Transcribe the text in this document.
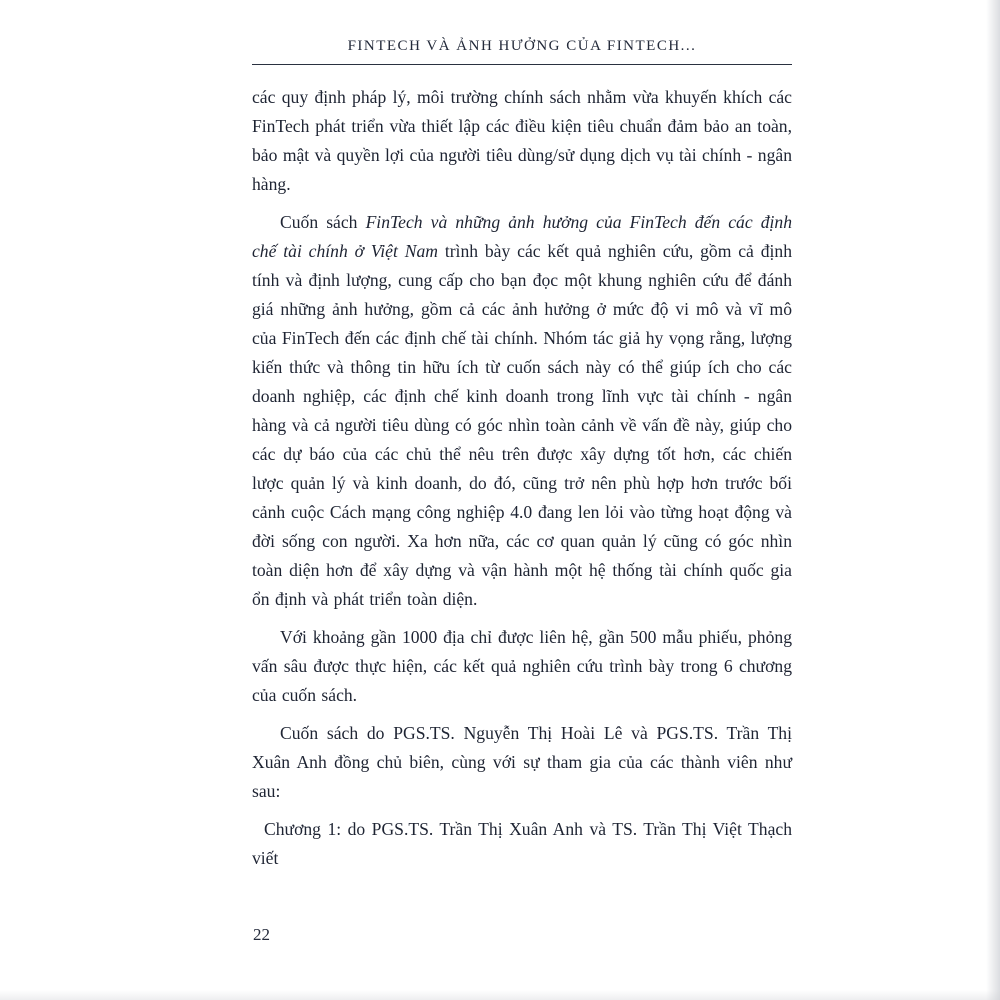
FINTECH VÀ ẢNH HƯỞNG CỦA FINTECH...

các quy định pháp lý, môi trường chính sách nhằm vừa khuyến khích các FinTech phát triển vừa thiết lập các điều kiện tiêu chuẩn đảm bảo an toàn, bảo mật và quyền lợi của người tiêu dùng/sử dụng dịch vụ tài chính - ngân hàng.

Cuốn sách FinTech và những ảnh hưởng của FinTech đến các định chế tài chính ở Việt Nam trình bày các kết quả nghiên cứu, gồm cả định tính và định lượng, cung cấp cho bạn đọc một khung nghiên cứu để đánh giá những ảnh hưởng, gồm cả các ảnh hưởng ở mức độ vi mô và vĩ mô của FinTech đến các định chế tài chính. Nhóm tác giả hy vọng rằng, lượng kiến thức và thông tin hữu ích từ cuốn sách này có thể giúp ích cho các doanh nghiệp, các định chế kinh doanh trong lĩnh vực tài chính - ngân hàng và cả người tiêu dùng có góc nhìn toàn cảnh về vấn đề này, giúp cho các dự báo của các chủ thể nêu trên được xây dựng tốt hơn, các chiến lược quản lý và kinh doanh, do đó, cũng trở nên phù hợp hơn trước bối cảnh cuộc Cách mạng công nghiệp 4.0 đang len lỏi vào từng hoạt động và đời sống con người. Xa hơn nữa, các cơ quan quản lý cũng có góc nhìn toàn diện hơn để xây dựng và vận hành một hệ thống tài chính quốc gia ổn định và phát triển toàn diện.

Với khoảng gần 1000 địa chỉ được liên hệ, gần 500 mẫu phiếu, phỏng vấn sâu được thực hiện, các kết quả nghiên cứu trình bày trong 6 chương của cuốn sách.

Cuốn sách do PGS.TS. Nguyễn Thị Hoài Lê và PGS.TS. Trần Thị Xuân Anh đồng chủ biên, cùng với sự tham gia của các thành viên như sau:

Chương 1: do PGS.TS. Trần Thị Xuân Anh và TS. Trần Thị Việt Thạch viết

22
